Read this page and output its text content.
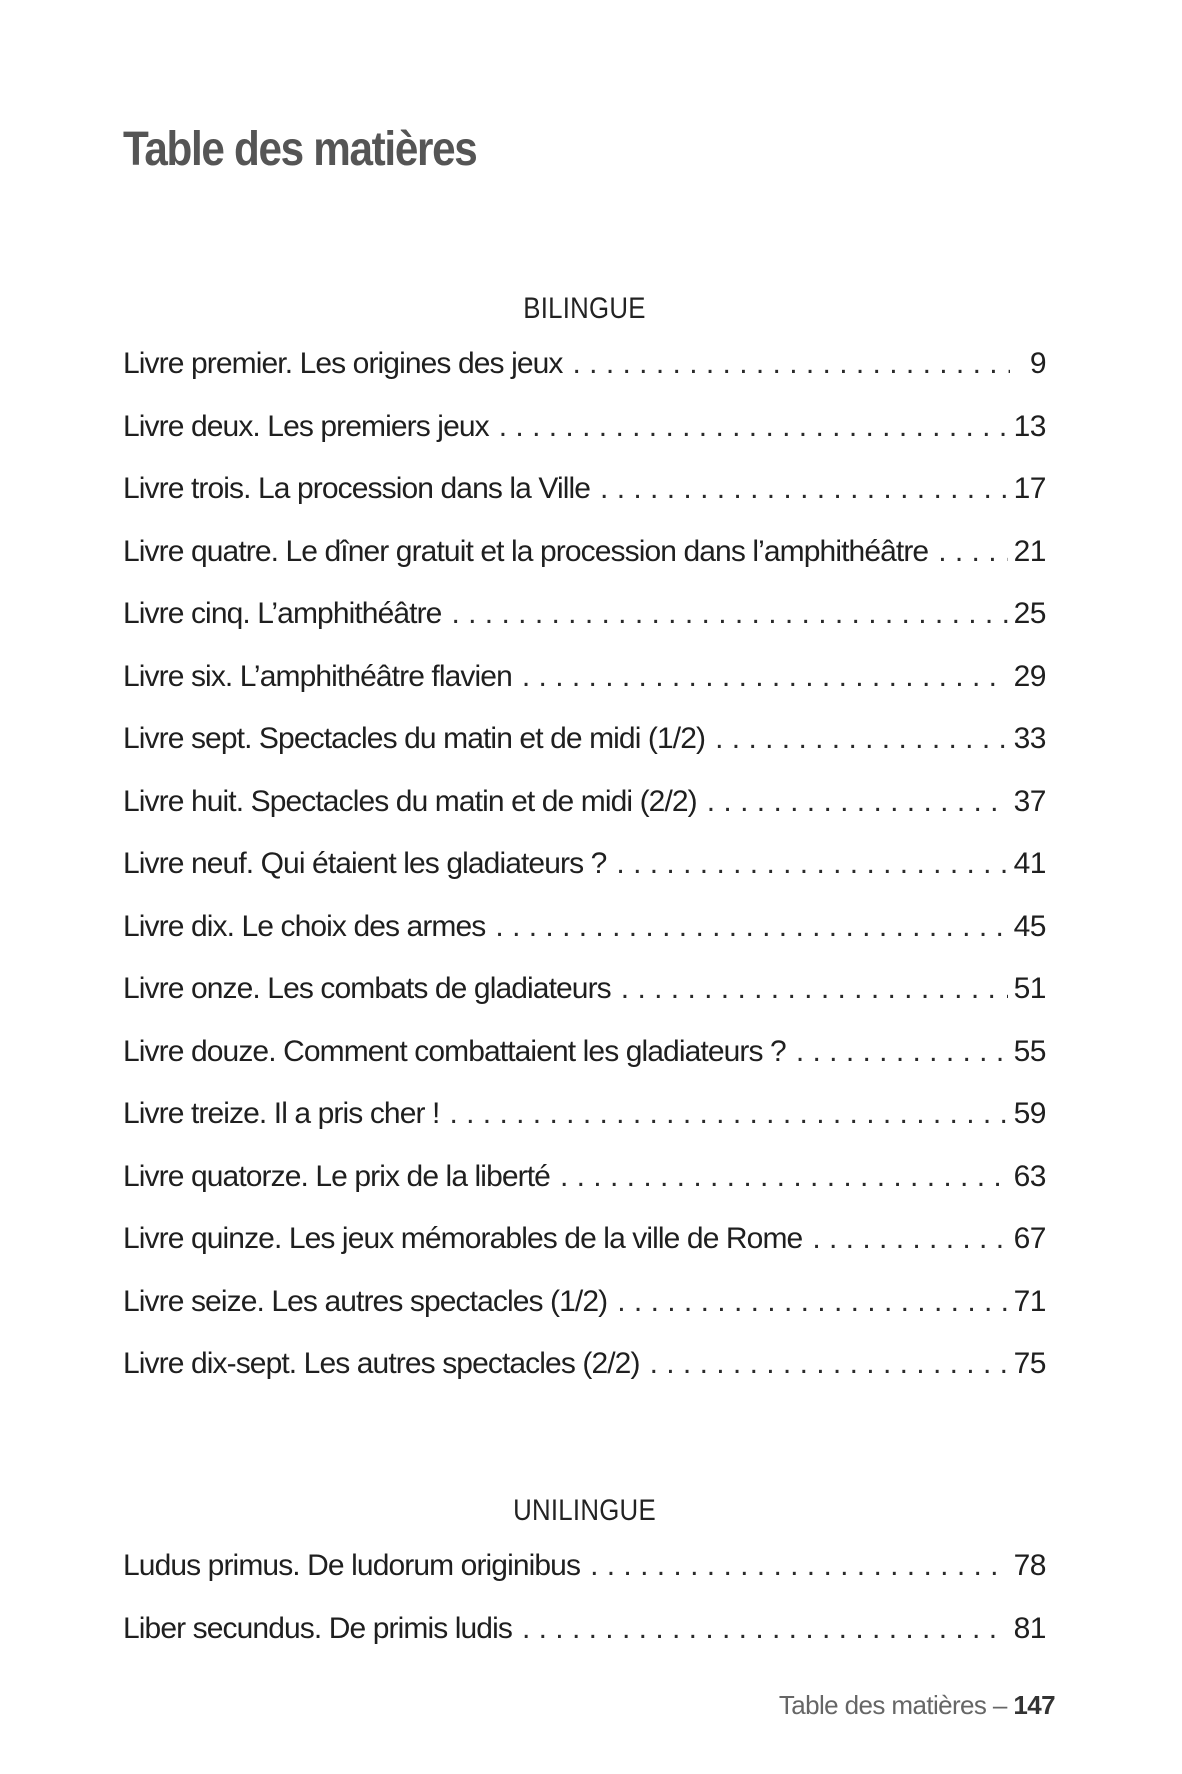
Table des matières
BILINGUE
Livre premier. Les origines des jeux . . .	9
Livre deux. Les premiers jeux . . .	13
Livre trois. La procession dans la Ville . . .	17
Livre quatre. Le dîner gratuit et la procession dans l’amphithéâtre . . .	21
Livre cinq. L’amphithéâtre . . .	25
Livre six. L’amphithéâtre flavien . . .	29
Livre sept. Spectacles du matin et de midi (1/2) . . .	33
Livre huit. Spectacles du matin et de midi (2/2) . . .	37
Livre neuf. Qui étaient les gladiateurs ? . . .	41
Livre dix. Le choix des armes . . .	45
Livre onze. Les combats de gladiateurs . . .	51
Livre douze. Comment combattaient les gladiateurs ? . . .	55
Livre treize. Il a pris cher ! . . .	59
Livre quatorze. Le prix de la liberté . . .	63
Livre quinze. Les jeux mémorables de la ville de Rome . . .	67
Livre seize. Les autres spectacles (1/2) . . .	71
Livre dix-sept. Les autres spectacles (2/2) . . .	75
UNILINGUE
Ludus primus. De ludorum originibus . . .	78
Liber secundus. De primis ludis . . .	81
Table des matières – 147
